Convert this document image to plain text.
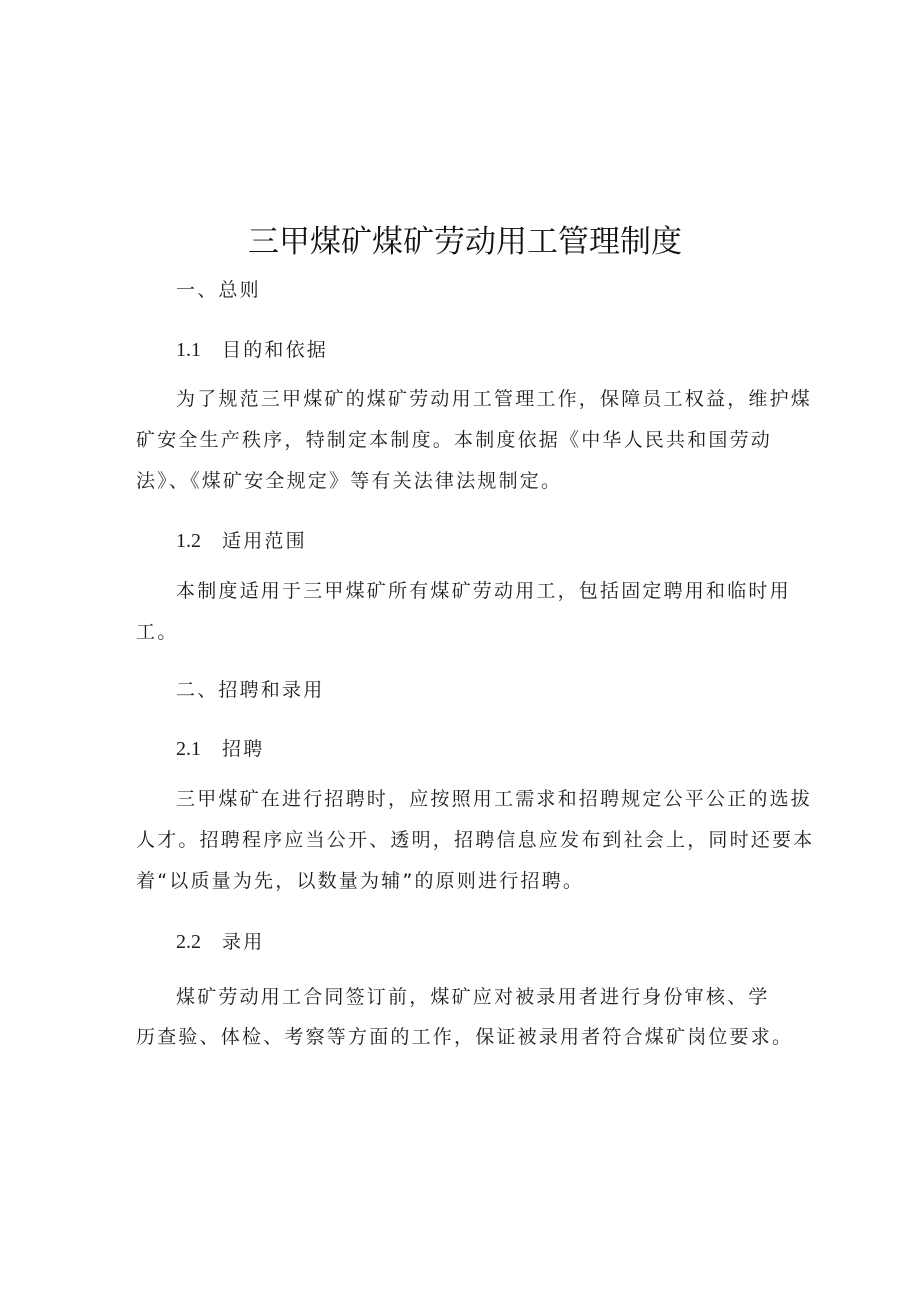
三甲煤矿煤矿劳动用工管理制度

一、总则

1.1 目的和依据

为了规范三甲煤矿的煤矿劳动用工管理工作，保障员工权益，维护煤

矿安全生产秩序，特制定本制度。本制度依据《中华人民共和国劳动

法》、《煤矿安全规定》等有关法律法规制定。

1.2 适用范围

本制度适用于三甲煤矿所有煤矿劳动用工，包括固定聘用和临时用

工。

二、招聘和录用

2.1 招聘

三甲煤矿在进行招聘时，应按照用工需求和招聘规定公平公正的选拔

人才。招聘程序应当公开、透明，招聘信息应发布到社会上，同时还要本

着“以质量为先，以数量为辅”的原则进行招聘。

2.2 录用

煤矿劳动用工合同签订前，煤矿应对被录用者进行身份审核、学

历查验、体检、考察等方面的工作，保证被录用者符合煤矿岗位要求。
